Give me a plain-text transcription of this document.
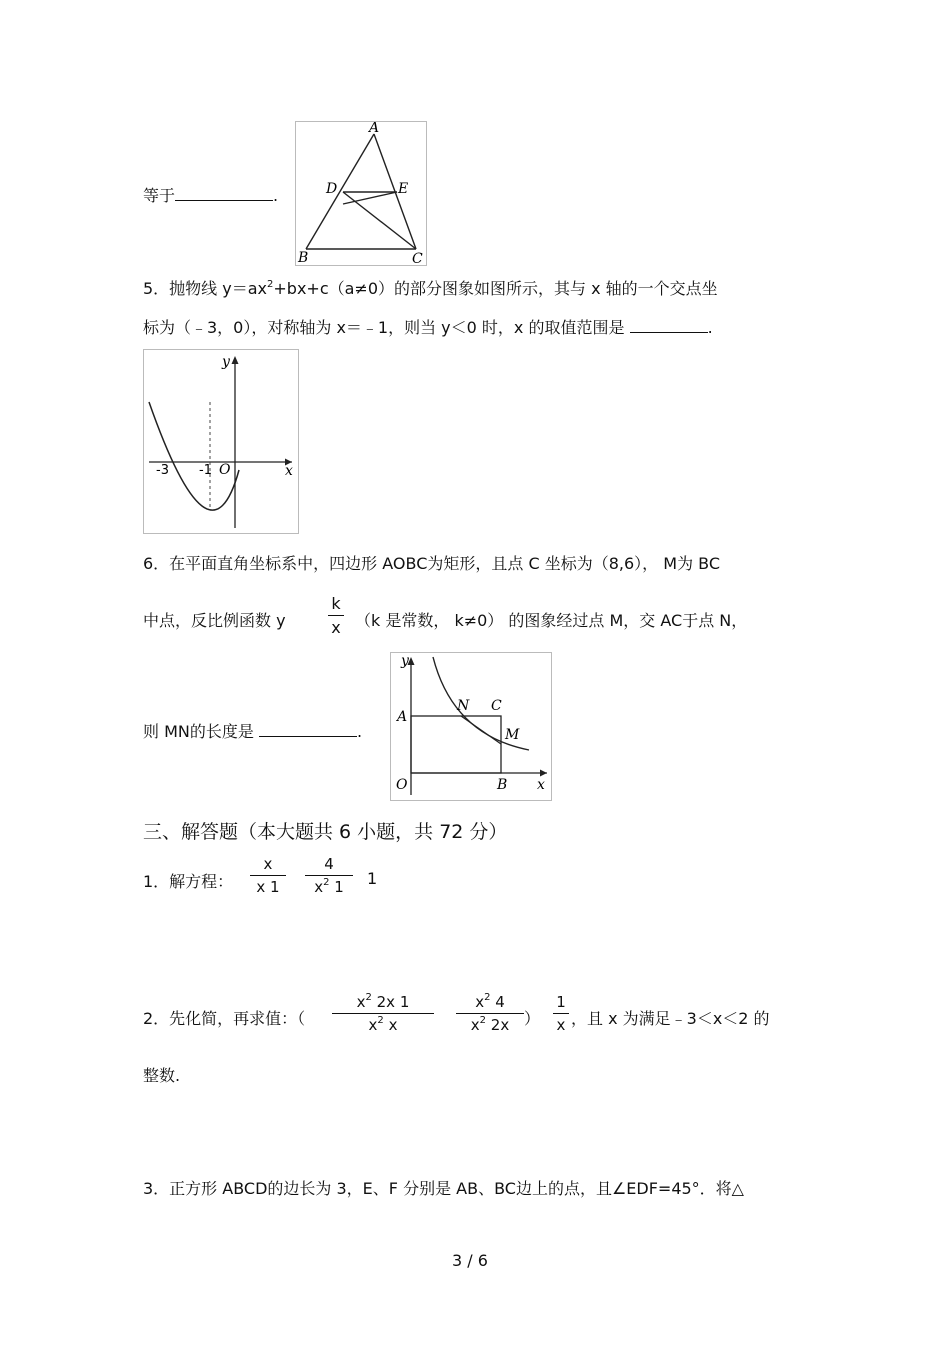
等于	.
A
B	C
D	E
5．抛物线 $y=ax^2+bx+c(a\ne 0)$的部分图象如图所示，其与 x 轴的一个交点坐
标为（﹣3，0），对称轴为 x＝﹣1，则当 y＜0 时，x 的取值范围是	.
y
x
O
-3 -1
6．在平面直角坐标系中，四边形 AOBC为矩形，且点 C 坐标为（8,6）， M为 BC
中点，反比例函数 y
k
x （k 是常数， k≠0） 的图象经过点 M，交 AC于点 N，
则 MN的长度是	.
y
x
O
A
N C
M
B
三、解答题（本大题共 6 小题，共 72 分）
1．解方程：
x
x 1
4
$x^2$ 1	1
2．先化简，再求值：（
$x^2$ 2x 1
$x^2$ x
$x^2$ 4
$x^2$ 2x ）
1
x ，且 x 为满足﹣3＜x＜2 的
整数.
3．正方形 ABCD的边长为 3，E、F 分别是 AB、BC边上的点，且∠EDF=45°．将△
3 / 6
